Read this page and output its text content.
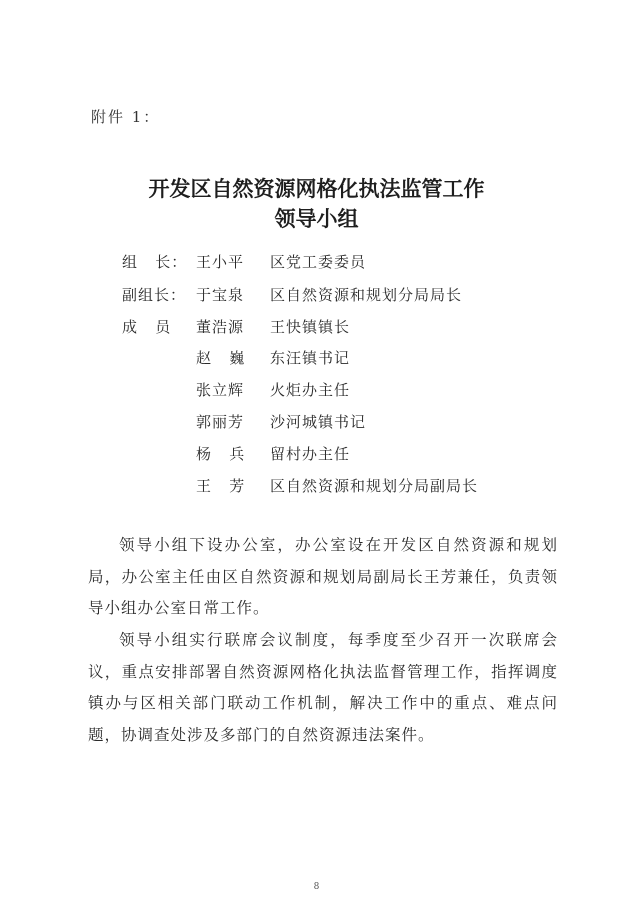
附件 1：
开发区自然资源网格化执法监管工作
领导小组
组   长： 王小平 区党工委委员
副组长： 于宝泉 区自然资源和规划分局局长
成   员 董浩源 王快镇镇长
赵   巍 东汪镇书记
张立辉 火炬办主任
郭丽芳 沙河城镇书记
杨   兵 留村办主任
王   芳 区自然资源和规划分局副局长

领导小组下设办公室，办公室设在开发区自然资源和规划局，办公室主任由区自然资源和规划局副局长王芳兼任，负责领导小组办公室日常工作。

领导小组实行联席会议制度，每季度至少召开一次联席会议，重点安排部署自然资源网格化执法监督管理工作，指挥调度镇办与区相关部门联动工作机制，解决工作中的重点、难点问题，协调查处涉及多部门的自然资源违法案件。

8
